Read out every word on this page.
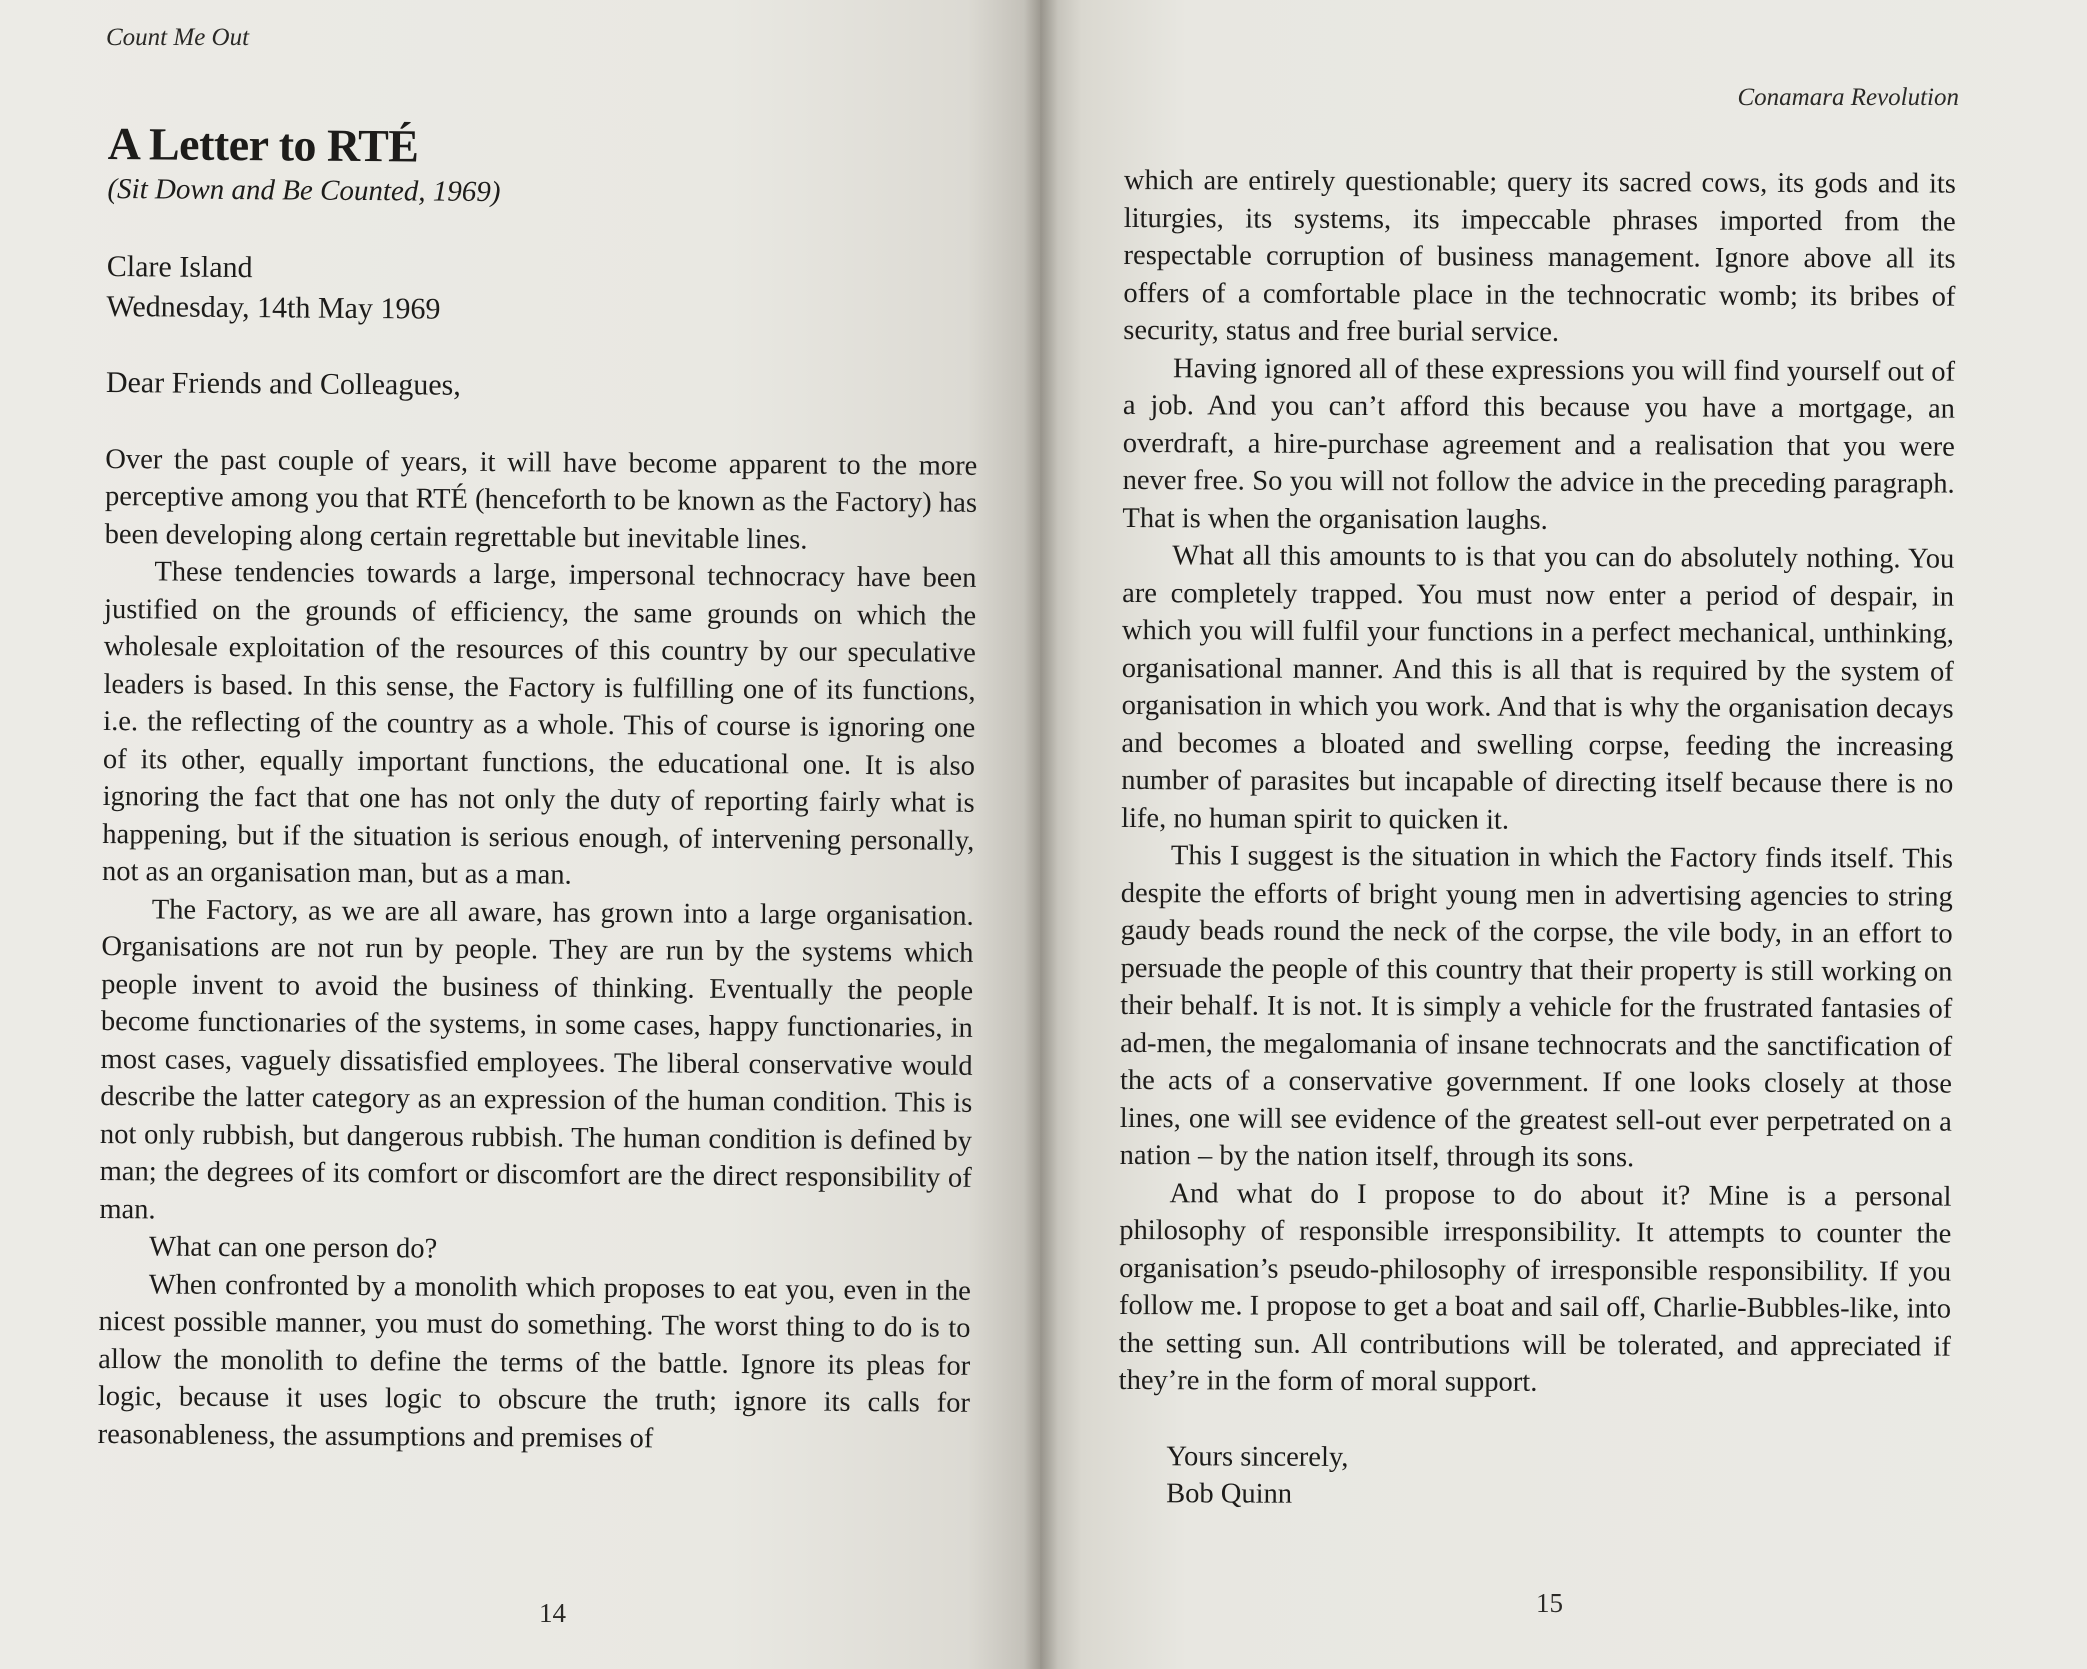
Count Me Out
A Letter to RTÉ

(Sit Down and Be Counted, 1969)

Clare Island

Wednesday, 14th May 1969

Dear Friends and Colleagues,

Over the past couple of years, it will have become apparent to the more perceptive among you that RTÉ (henceforth to be known as the Factory) has been developing along certain regrettable but inevitable lines.

These tendencies towards a large, impersonal technocracy have been justified on the grounds of efficiency, the same grounds on which the wholesale exploitation of the resources of this country by our speculative leaders is based. In this sense, the Factory is fulfilling one of its functions, i.e. the reflecting of the country as a whole. This of course is ignoring one of its other, equally important functions, the educational one. It is also ignoring the fact that one has not only the duty of reporting fairly what is happening, but if the situation is serious enough, of intervening personally, not as an organisation man, but as a man.

The Factory, as we are all aware, has grown into a large organisation. Organisations are not run by people. They are run by the systems which people invent to avoid the business of thinking. Eventually the people become functionaries of the systems, in some cases, happy functionaries, in most cases, vaguely dissatisfied employees. The liberal conservative would describe the latter category as an expression of the human condition. This is not only rubbish, but dangerous rubbish. The human condition is defined by man; the degrees of its comfort or discomfort are the direct responsibility of man.

What can one person do?

When confronted by a monolith which proposes to eat you, even in the nicest possible manner, you must do something. The worst thing to do is to allow the monolith to define the terms of the battle. Ignore its pleas for logic, because it uses logic to obscure the truth; ignore its calls for reasonableness, the assumptions and premises of

14
Conamara Revolution

which are entirely questionable; query its sacred cows, its gods and its liturgies, its systems, its impeccable phrases imported from the respectable corruption of business management. Ignore above all its offers of a comfortable place in the technocratic womb; its bribes of security, status and free burial service.

Having ignored all of these expressions you will find yourself out of a job. And you can’t afford this because you have a mortgage, an overdraft, a hire-purchase agreement and a realisation that you were never free. So you will not follow the advice in the preceding paragraph. That is when the organisation laughs.

What all this amounts to is that you can do absolutely nothing. You are completely trapped. You must now enter a period of despair, in which you will fulfil your functions in a perfect mechanical, unthinking, organisational manner. And this is all that is required by the system of organisation in which you work. And that is why the organisation decays and becomes a bloated and swelling corpse, feeding the increasing number of parasites but incapable of directing itself because there is no life, no human spirit to quicken it.

This I suggest is the situation in which the Factory finds itself. This despite the efforts of bright young men in advertising agencies to string gaudy beads round the neck of the corpse, the vile body, in an effort to persuade the people of this country that their property is still working on their behalf. It is not. It is simply a vehicle for the frustrated fantasies of ad-men, the megalomania of insane technocrats and the sanctification of the acts of a conservative government. If one looks closely at those lines, one will see evidence of the greatest sell-out ever perpetrated on a nation – by the nation itself, through its sons.

And what do I propose to do about it? Mine is a personal philosophy of responsible irresponsibility. It attempts to counter the organisation’s pseudo-philosophy of irresponsible responsibility. If you follow me. I propose to get a boat and sail off, Charlie-Bubbles-like, into the setting sun. All contributions will be tolerated, and appreciated if they’re in the form of moral support.

Yours sincerely,

Bob Quinn

15
